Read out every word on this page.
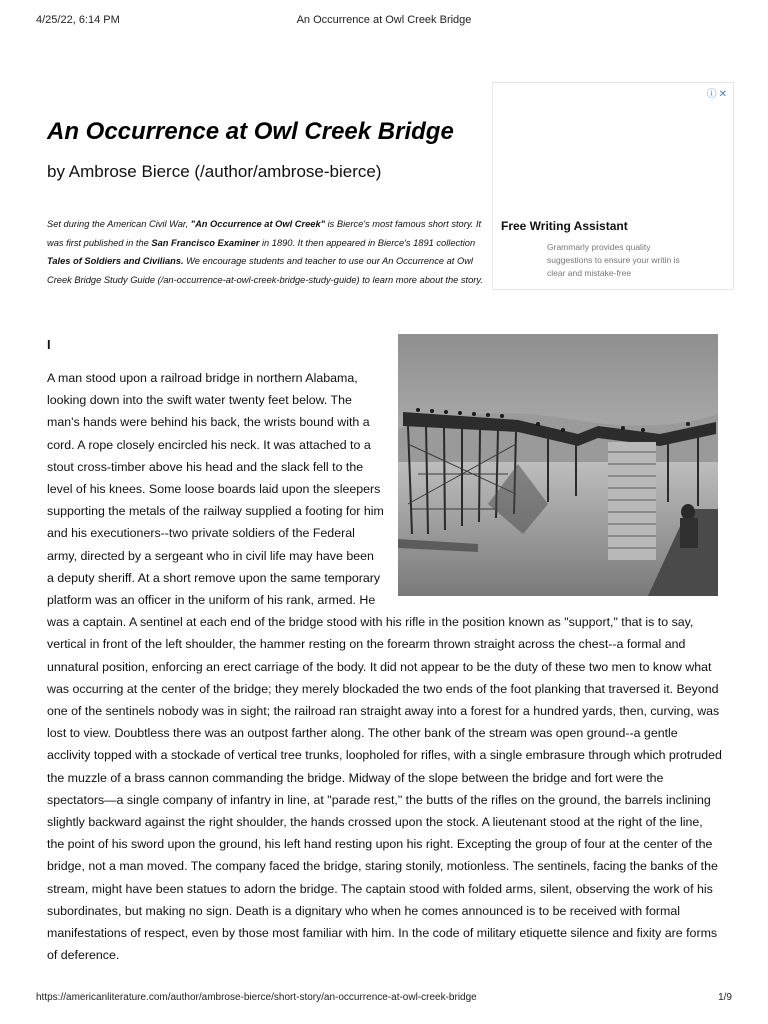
4/25/22, 6:14 PM	An Occurrence at Owl Creek Bridge
ⓘ✕
Free Writing Assistant
Grammarly provides quality suggestions to ensure your writin is clear and mistake-free
An Occurrence at Owl Creek Bridge
by Ambrose Bierce (/author/ambrose-bierce)
Set during the American Civil War, "An Occurrence at Owl Creek" is Bierce's most famous short story. It was first published in the San Francisco Examiner in 1890. It then appeared in Bierce's 1891 collection Tales of Soldiers and Civilians. We encourage students and teacher to use our An Occurrence at Owl Creek Bridge Study Guide (/an-occurrence-at-owl-creek-bridge-study-guide) to learn more about the story.
I

A man stood upon a railroad bridge in northern Alabama, looking down into the swift water twenty feet below. The man's hands were behind his back, the wrists bound with a cord. A rope closely encircled his neck. It was attached to a stout cross-timber above his head and the slack fell to the level of his knees. Some loose boards laid upon the sleepers supporting the metals of the railway supplied a footing for him and his executioners--two private soldiers of the Federal army, directed by a sergeant who in civil life may have been a deputy sheriff. At a short remove upon the same temporary platform was an officer in the uniform of his rank, armed. He was a captain. A sentinel at each end of the bridge stood with his rifle in the position known as "support," that is to say, vertical in front of the left shoulder, the hammer resting on the forearm thrown straight across the chest--a formal and unnatural position, enforcing an erect carriage of the body. It did not appear to be the duty of these two men to know what was occurring at the center of the bridge; they merely blockaded the two ends of the foot planking that traversed it. Beyond one of the sentinels nobody was in sight; the railroad ran straight away into a forest for a hundred yards, then, curving, was lost to view. Doubtless there was an outpost farther along. The other bank of the stream was open ground--a gentle acclivity topped with a stockade of vertical tree trunks, loopholed for rifles, with a single embrasure through which protruded the muzzle of a brass cannon commanding the bridge. Midway of the slope between the bridge and fort were the spectators—a single company of infantry in line, at "parade rest," the butts of the rifles on the ground, the barrels inclining slightly backward against the right shoulder, the hands crossed upon the stock. A lieutenant stood at the right of the line, the point of his sword upon the ground, his left hand resting upon his right. Excepting the group of four at the center of the bridge, not a man moved. The company faced the bridge, staring stonily, motionless. The sentinels, facing the banks of the stream, might have been statues to adorn the bridge. The captain stood with folded arms, silent, observing the work of his subordinates, but making no sign. Death is a dignitary who when he comes announced is to be received with formal manifestations of respect, even by those most familiar with him. In the code of military etiquette silence and fixity are forms of deference.

https://americanliterature.com/author/ambrose-bierce/short-story/an-occurrence-at-owl-creek-bridge	1/9
